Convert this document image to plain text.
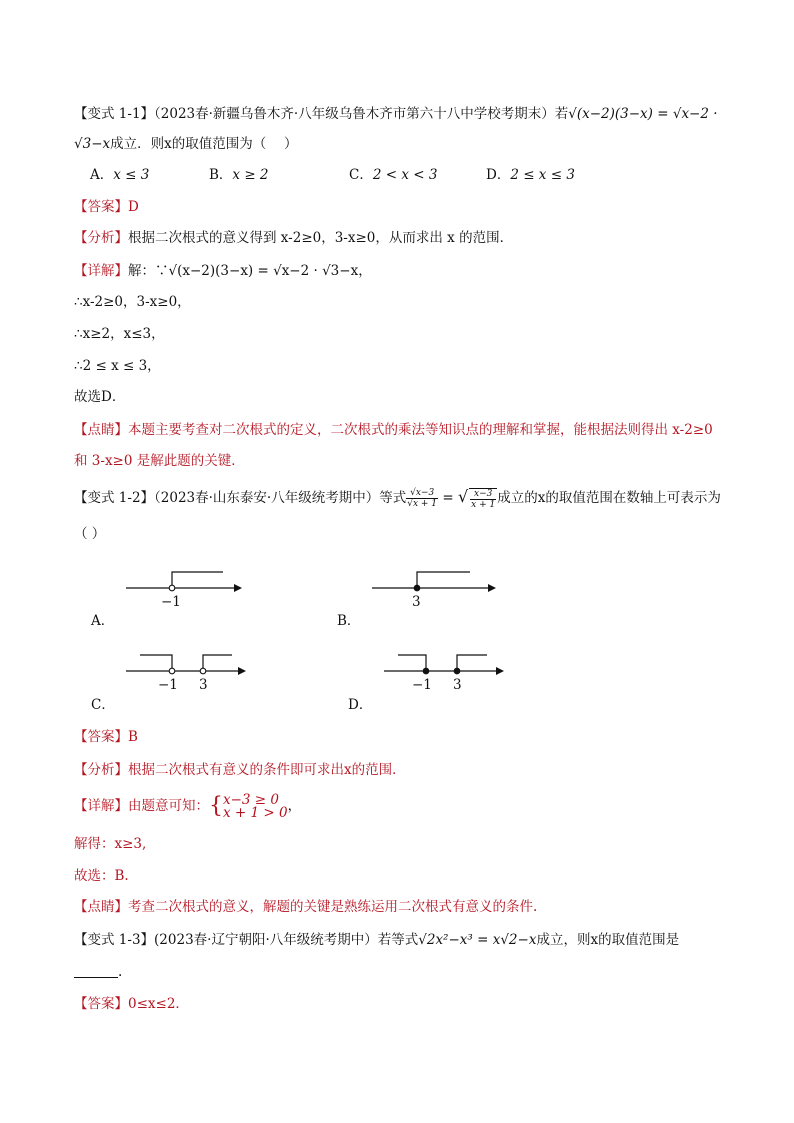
【变式 1-1】（2023春·新疆乌鲁木齐·八年级乌鲁木齐市第六十八中学校考期末）若√(x−2)(3−x) = √x−2 ·
√3−x成立．则x的取值范围为（　 ）
A．x ≤ 3	B．x ≥ 2	C．2 < x < 3	D．2 ≤ x ≤ 3
【答案】D
【分析】根据二次根式的意义得到 x-2≥0，3-x≥0，从而求出 x 的范围．
【详解】解：∵√(x−2)(3−x) = √x−2 · √3−x，
∴x-2≥0，3-x≥0，
∴x≥2，x≤3，
∴2 ≤ x ≤ 3，
故选D．
【点睛】本题主要考查对二次根式的定义，二次根式的乘法等知识点的理解和掌握，能根据法则得出 x-2≥0
和 3-x≥0 是解此题的关键．
【变式 1-2】（2023春·山东泰安·八年级统考期中）等式 $\frac{√x-3}{√x + 1}$ = √ $\frac{x-3}{x + 1}$ 成立的x的取值范围在数轴上可表示为
（ ）
−1
A．
3
B．
−1 3
C．
−1 3
D．
【答案】B
【分析】根据二次根式有意义的条件即可求出x的范围．
【详解】由题意可知：{ x−3 ≥ 0
x + 1 > 0 ，
解得：x≥3,
故选：B.
【点睛】考查二次根式的意义，解题的关键是熟练运用二次根式有意义的条件.
【变式 1-3】(2023春·辽宁朝阳·八年级统考期中）若等式√2x²−x³ = x√2−x成立，则x的取值范围是
.
【答案】0≤x≤2．
